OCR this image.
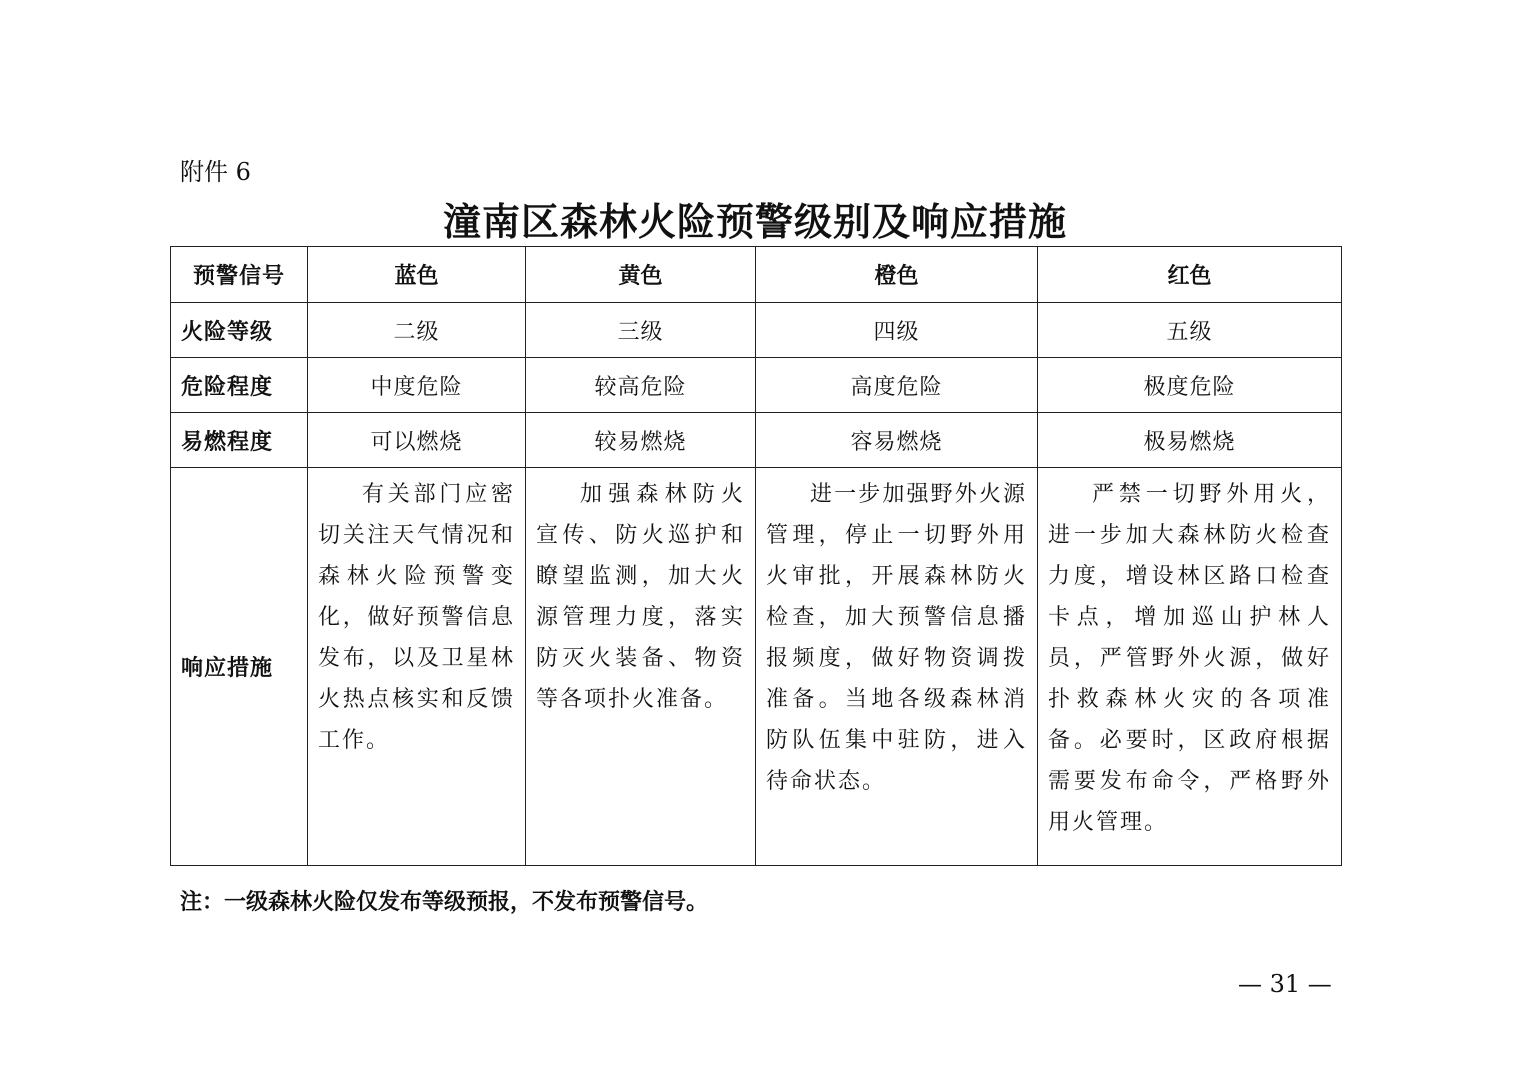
附件 6
潼南区森林火险预警级别及响应措施
预警信号	蓝色	黄色	橙色	红色
火险等级	二级	三级	四级	五级
危险程度	中度危险	较高危险	高度危险	极度危险
易燃程度	可以燃烧	较易燃烧	容易燃烧	极易燃烧
响应措施	有关部门应密切关注天气情况和森林火险预警变化，做好预警信息发布，以及卫星林火热点核实和反馈工作。	加强森林防火宣传、防火巡护和瞭望监测，加大火源管理力度，落实防灭火装备、物资等各项扑火准备。	进一步加强野外火源管理，停止一切野外用火审批，开展森林防火检查，加大预警信息播报频度，做好物资调拨准备。当地各级森林消防队伍集中驻防，进入待命状态。	严禁一切野外用火，进一步加大森林防火检查力度，增设林区路口检查卡点，增加巡山护林人员，严管野外火源，做好扑救森林火灾的各项准备。必要时，区政府根据需要发布命令，严格野外用火管理。
注：一级森林火险仅发布等级预报，不发布预警信号。
— 31 —
